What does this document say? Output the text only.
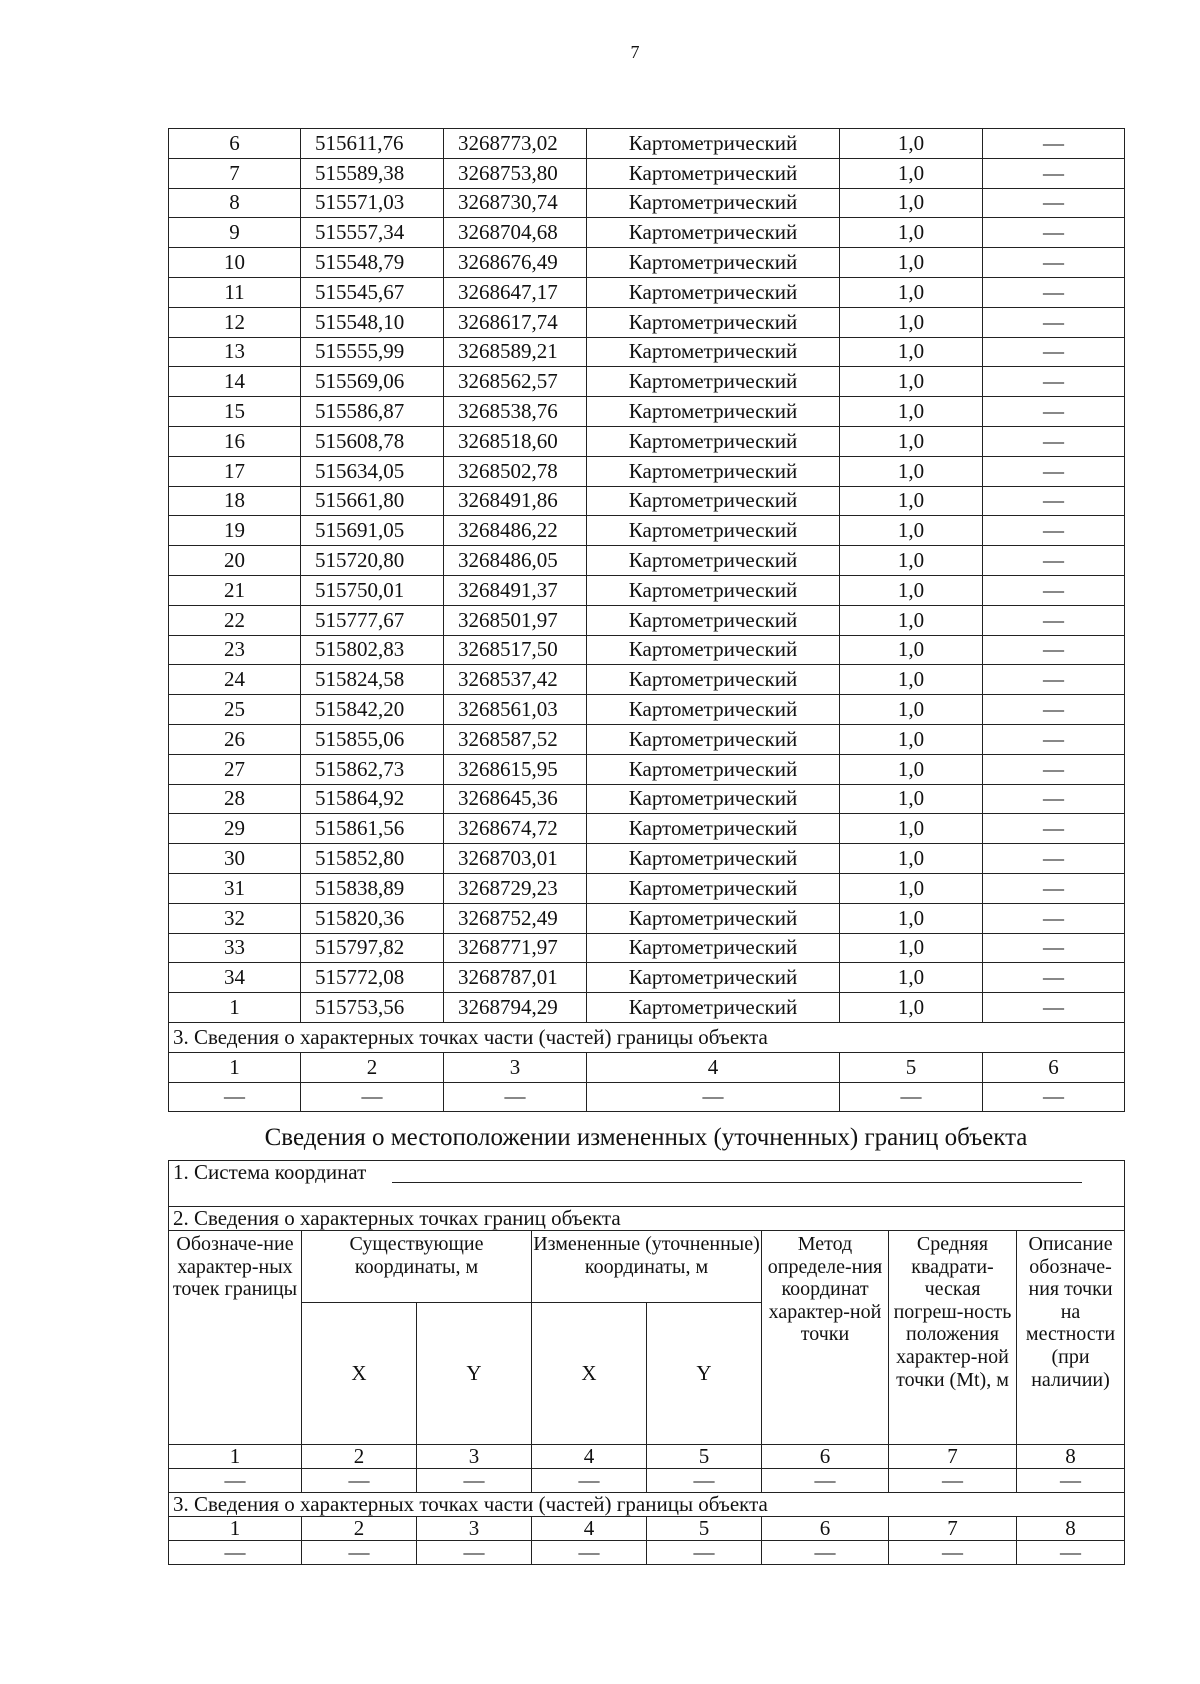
7
6	515611,76	3268773,02	Картометрический	1,0	—
7	515589,38	3268753,80	Картометрический	1,0	—
8	515571,03	3268730,74	Картометрический	1,0	—
9	515557,34	3268704,68	Картометрический	1,0	—
10	515548,79	3268676,49	Картометрический	1,0	—
11	515545,67	3268647,17	Картометрический	1,0	—
12	515548,10	3268617,74	Картометрический	1,0	—
13	515555,99	3268589,21	Картометрический	1,0	—
14	515569,06	3268562,57	Картометрический	1,0	—
15	515586,87	3268538,76	Картометрический	1,0	—
16	515608,78	3268518,60	Картометрический	1,0	—
17	515634,05	3268502,78	Картометрический	1,0	—
18	515661,80	3268491,86	Картометрический	1,0	—
19	515691,05	3268486,22	Картометрический	1,0	—
20	515720,80	3268486,05	Картометрический	1,0	—
21	515750,01	3268491,37	Картометрический	1,0	—
22	515777,67	3268501,97	Картометрический	1,0	—
23	515802,83	3268517,50	Картометрический	1,0	—
24	515824,58	3268537,42	Картометрический	1,0	—
25	515842,20	3268561,03	Картометрический	1,0	—
26	515855,06	3268587,52	Картометрический	1,0	—
27	515862,73	3268615,95	Картометрический	1,0	—
28	515864,92	3268645,36	Картометрический	1,0	—
29	515861,56	3268674,72	Картометрический	1,0	—
30	515852,80	3268703,01	Картометрический	1,0	—
31	515838,89	3268729,23	Картометрический	1,0	—
32	515820,36	3268752,49	Картометрический	1,0	—
33	515797,82	3268771,97	Картометрический	1,0	—
34	515772,08	3268787,01	Картометрический	1,0	—
1	515753,56	3268794,29	Картометрический	1,0	—
3. Сведения о характерных точках части (частей) границы объекта					
1	2	3	4	5	6
—	—	—	—	—	—
Сведения о местоположении измененных (уточненных) границ объекта
1. Система координат							

2. Сведения о характерных точках границ объекта							
Обозначе-ние характер-ных точек границы	Существующие координаты, м		Измененные (уточненные) координаты, м		Метод определе-ния координат характер-ной точки	Средняя квадрати-ческая погреш-ность положения характер-ной точки (Mt), м	Описание обозначе-ния точки на местности (при наличии)
	X	Y	X	Y			
1	2	3	4	5	6	7	8
—	—	—	—	—	—	—	—
3. Сведения о характерных точках части (частей) границы объекта							
1	2	3	4	5	6	7	8
—	—	—	—	—	—	—	—
